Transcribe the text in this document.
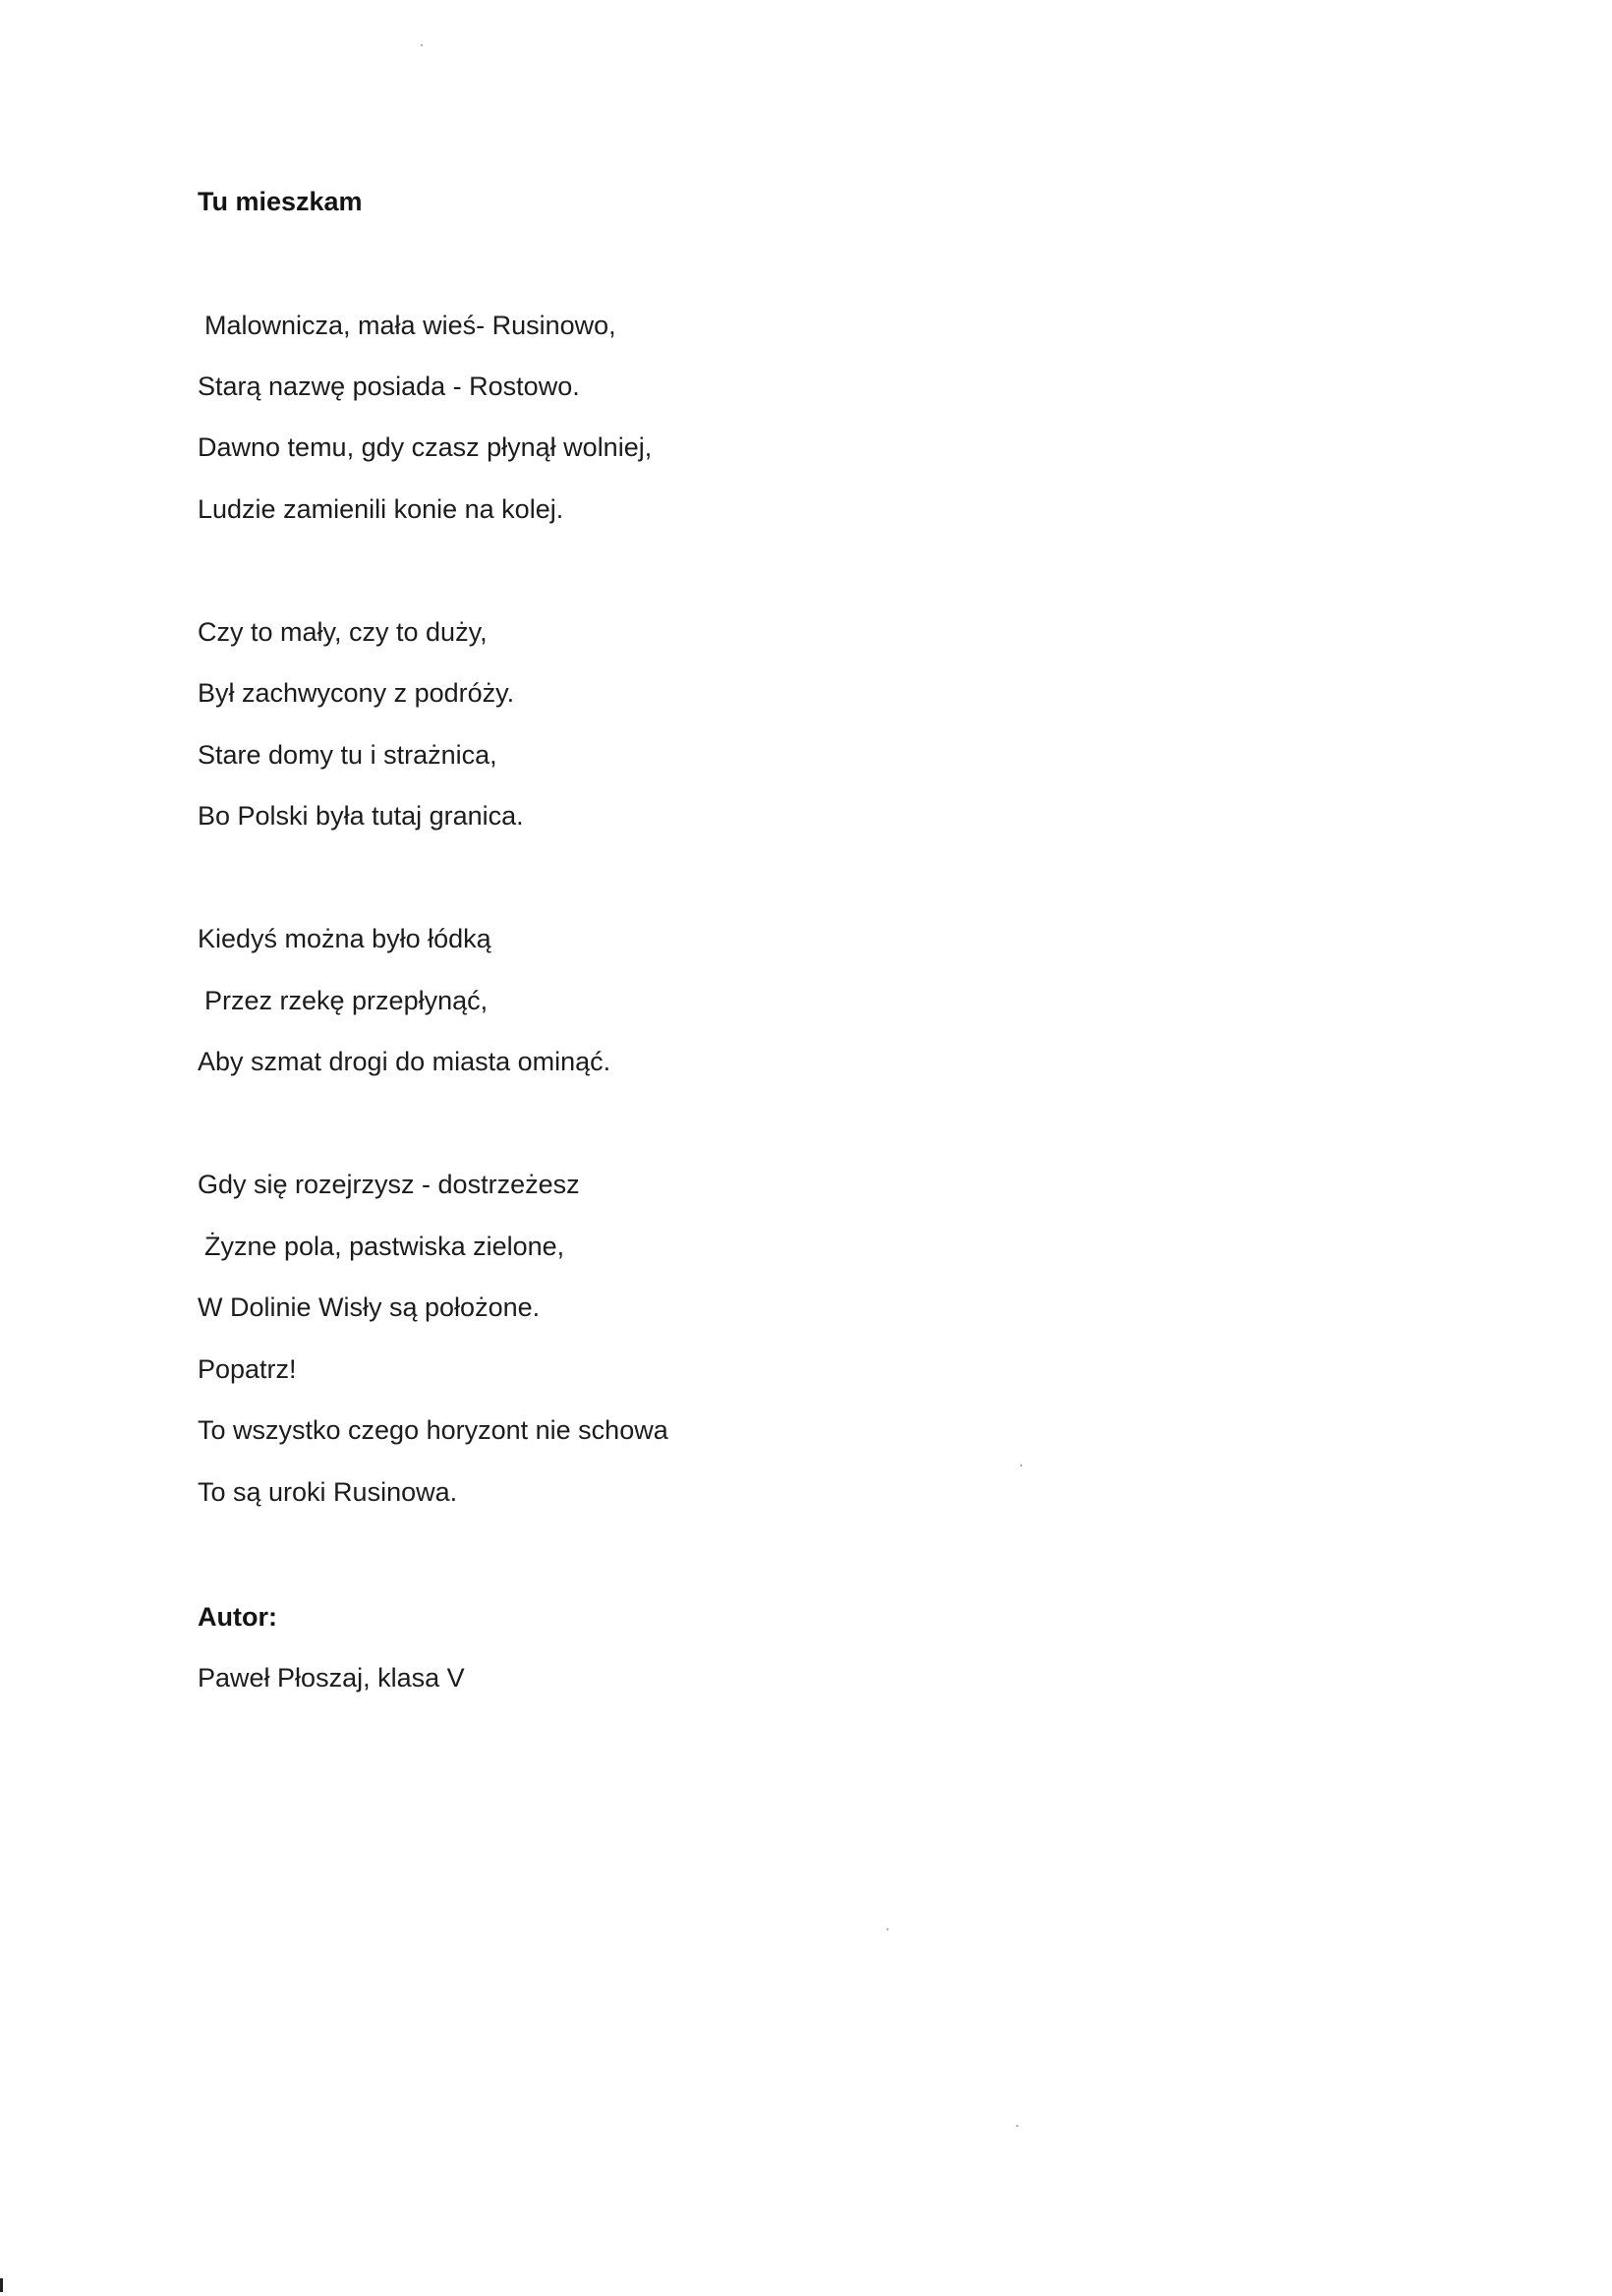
Tu mieszkam
Malownicza, mała wieś- Rusinowo,
Starą nazwę posiada - Rostowo.
Dawno temu, gdy czasz płynął wolniej,
Ludzie zamienili konie na kolej.
Czy to mały, czy to duży,
Był zachwycony z podróży.
Stare domy tu i strażnica,
Bo Polski była tutaj granica.
Kiedyś można było łódką
Przez rzekę przepłynąć,
Aby szmat drogi do miasta ominąć.
Gdy się rozejrzysz - dostrzeżesz
Żyzne pola, pastwiska zielone,
W Dolinie Wisły są położone.
Popatrz!
To wszystko czego horyzont nie schowa
To są uroki Rusinowa.
Autor:
Paweł Płoszaj, klasa V
